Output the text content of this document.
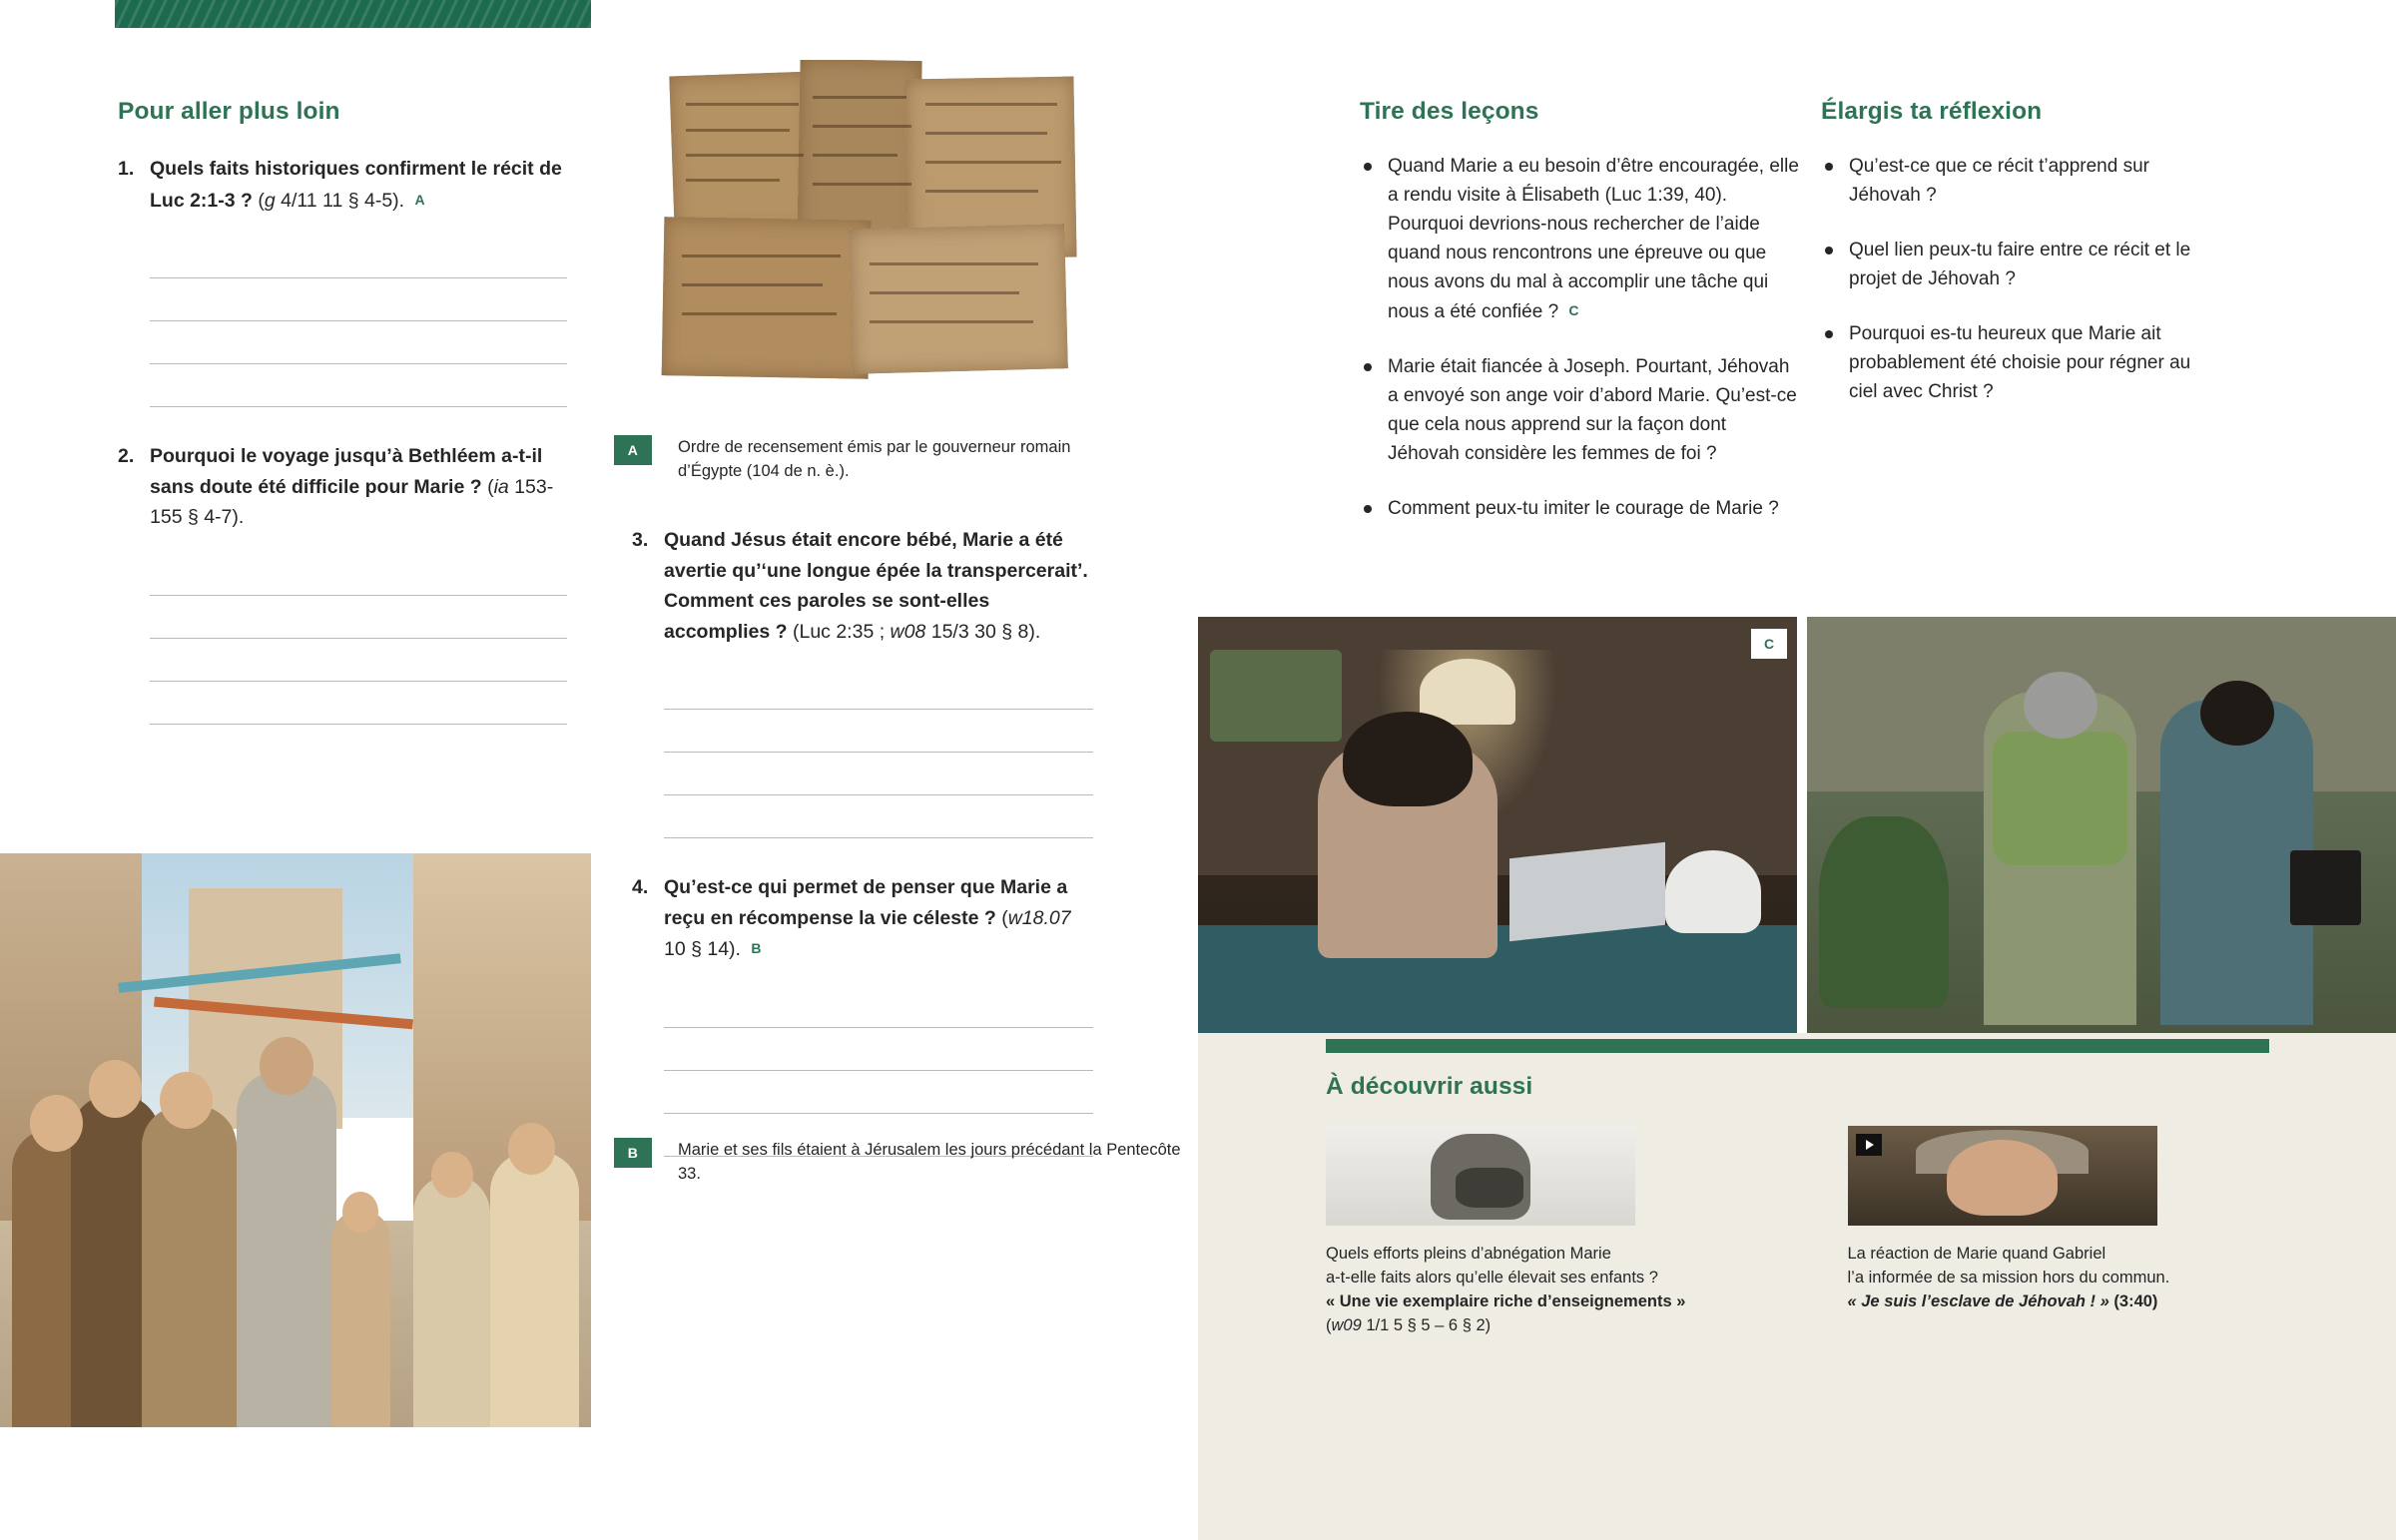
Pour aller plus loin
1. Quels faits historiques confirment le récit de Luc 2:1-3 ? (g 4/11 11 § 4-5). A
2. Pourquoi le voyage jusqu’à Bethléem a-t-il sans doute été difficile pour Marie ? (ia 153-155 § 4-7).
A	Ordre de recensement émis par le gouverneur romain d’Égypte (104 de n. è.).
3. Quand Jésus était encore bébé, Marie a été avertie qu’‘une longue épée la transpercerait’. Comment ces paroles se sont-elles accomplies ? (Luc 2:35 ; w08 15/3 30 § 8).
4. Qu’est-ce qui permet de penser que Marie a reçu en récompense la vie céleste ? (w18.07 10 § 14). B
B	Marie et ses fils étaient à Jérusalem les jours précédant la Pentecôte 33.
Tire des leçons
Quand Marie a eu besoin d’être encouragée, elle a rendu visite à Élisabeth (Luc 1:39, 40). Pourquoi devrions-nous rechercher de l’aide quand nous rencontrons une épreuve ou que nous avons du mal à accomplir une tâche qui nous a été confiée ? C
Marie était fiancée à Joseph. Pourtant, Jéhovah a envoyé son ange voir d’abord Marie. Qu’est-ce que cela nous apprend sur la façon dont Jéhovah considère les femmes de foi ?
Comment peux-tu imiter le courage de Marie ?
Élargis ta réflexion
Qu’est-ce que ce récit t’apprend sur Jéhovah ?
Quel lien peux-tu faire entre ce récit et le projet de Jéhovah ?
Pourquoi es-tu heureux que Marie ait probablement été choisie pour régner au ciel avec Christ ?
C
À découvrir aussi
Quels efforts pleins d’abnégation Marie
a-t-elle faits alors qu’elle élevait ses enfants ?
« Une vie exemplaire riche d’enseignements »
(w09 1/1 5 § 5 – 6 § 2)
La réaction de Marie quand Gabriel
l’a informée de sa mission hors du commun.
« Je suis l’esclave de Jéhovah ! » (3:40)
